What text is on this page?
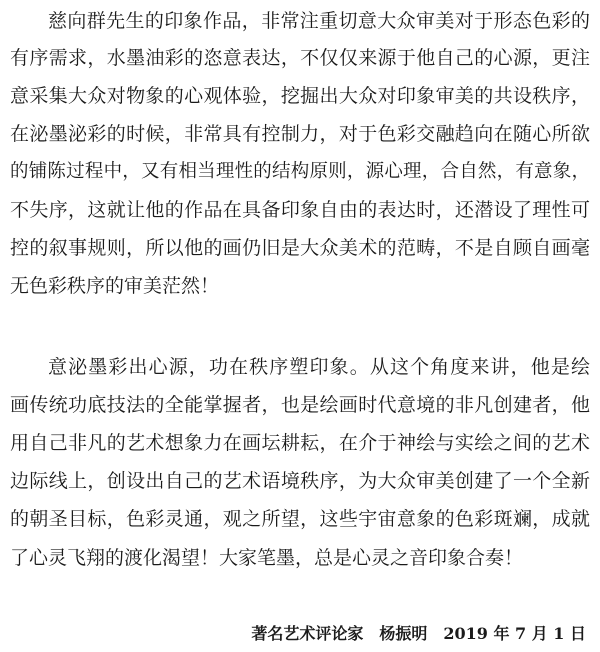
慈向群先生的印象作品，非常注重切意大众审美对于形态色彩的

有序需求，水墨油彩的恣意表达，不仅仅来源于他自己的心源，更注

意采集大众对物象的心观体验，挖掘出大众对印象审美的共设秩序，

在泌墨泌彩的时候，非常具有控制力，对于色彩交融趋向在随心所欲

的铺陈过程中，又有相当理性的结构原则，源心理，合自然，有意象，

不失序，这就让他的作品在具备印象自由的表达时，还潜设了理性可

控的叙事规则，所以他的画仍旧是大众美术的范畴，不是自顾自画毫

无色彩秩序的审美茫然！

意泌墨彩出心源，功在秩序塑印象。从这个角度来讲，他是绘

画传统功底技法的全能掌握者，也是绘画时代意境的非凡创建者，他

用自己非凡的艺术想象力在画坛耕耘，在介于神绘与实绘之间的艺术

边际线上，创设出自己的艺术语境秩序，为大众审美创建了一个全新

的朝圣目标，色彩灵通，观之所望，这些宇宙意象的色彩斑斓，成就

了心灵飞翔的渡化渴望！大家笔墨，总是心灵之音印象合奏！

著名艺术评论家　杨振明　2019 年 7 月 1 日
